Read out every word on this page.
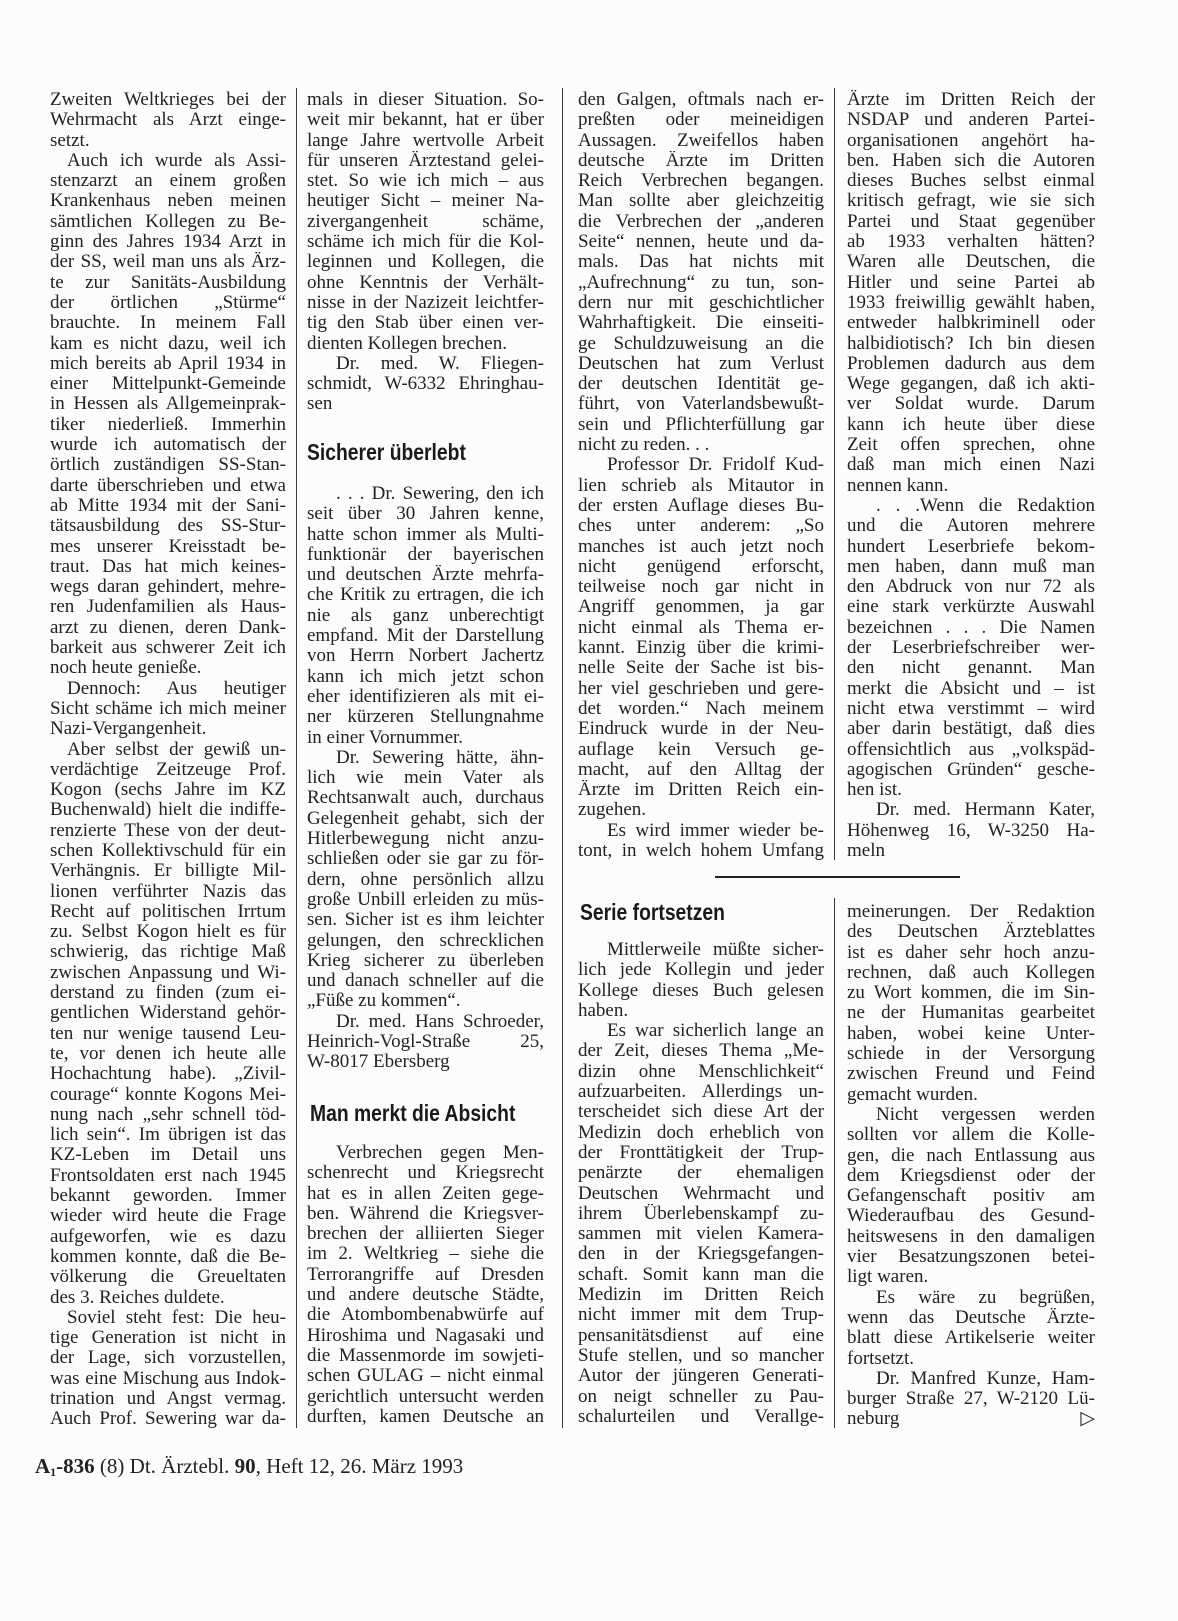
Zweiten Weltkrieges bei der
Wehrmacht als Arzt einge-
setzt.
Auch ich wurde als Assi-
stenzarzt an einem großen
Krankenhaus neben meinen
sämtlichen Kollegen zu Be-
ginn des Jahres 1934 Arzt in
der SS, weil man uns als Ärz-
te zur Sanitäts-Ausbildung
der örtlichen „Stürme“
brauchte. In meinem Fall
kam es nicht dazu, weil ich
mich bereits ab April 1934 in
einer Mittelpunkt-Gemeinde
in Hessen als Allgemeinprak-
tiker niederließ. Immerhin
wurde ich automatisch der
örtlich zuständigen SS-Stan-
darte überschrieben und etwa
ab Mitte 1934 mit der Sani-
tätsausbildung des SS-Stur-
mes unserer Kreisstadt be-
traut. Das hat mich keines-
wegs daran gehindert, mehre-
ren Judenfamilien als Haus-
arzt zu dienen, deren Dank-
barkeit aus schwerer Zeit ich
noch heute genieße.
Dennoch: Aus heutiger
Sicht schäme ich mich meiner
Nazi-Vergangenheit.
Aber selbst der gewiß un-
verdächtige Zeitzeuge Prof.
Kogon (sechs Jahre im KZ
Buchenwald) hielt die indiffe-
renzierte These von der deut-
schen Kollektivschuld für ein
Verhängnis. Er billigte Mil-
lionen verführter Nazis das
Recht auf politischen Irrtum
zu. Selbst Kogon hielt es für
schwierig, das richtige Maß
zwischen Anpassung und Wi-
derstand zu finden (zum ei-
gentlichen Widerstand gehör-
ten nur wenige tausend Leu-
te, vor denen ich heute alle
Hochachtung habe). „Zivil-
courage“ konnte Kogons Mei-
nung nach „sehr schnell töd-
lich sein“. Im übrigen ist das
KZ-Leben im Detail uns
Frontsoldaten erst nach 1945
bekannt geworden. Immer
wieder wird heute die Frage
aufgeworfen, wie es dazu
kommen konnte, daß die Be-
völkerung die Greueltaten
des 3. Reiches duldete.
Soviel steht fest: Die heu-
tige Generation ist nicht in
der Lage, sich vorzustellen,
was eine Mischung aus Indok-
trination und Angst vermag.
Auch Prof. Sewering war da-
mals in dieser Situation. So-
weit mir bekannt, hat er über
lange Jahre wertvolle Arbeit
für unseren Ärztestand gelei-
stet. So wie ich mich – aus
heutiger Sicht – meiner Na-
zivergangenheit schäme,
schäme ich mich für die Kol-
leginnen und Kollegen, die
ohne Kenntnis der Verhält-
nisse in der Nazizeit leichtfer-
tig den Stab über einen ver-
dienten Kollegen brechen.
Dr. med. W. Fliegen-
schmidt, W-6332 Ehringhau-
sen
Sicherer überlebt
. . . Dr. Sewering, den ich
seit über 30 Jahren kenne,
hatte schon immer als Multi-
funktionär der bayerischen
und deutschen Ärzte mehrfa-
che Kritik zu ertragen, die ich
nie als ganz unberechtigt
empfand. Mit der Darstellung
von Herrn Norbert Jachertz
kann ich mich jetzt schon
eher identifizieren als mit ei-
ner kürzeren Stellungnahme
in einer Vornummer.
Dr. Sewering hätte, ähn-
lich wie mein Vater als
Rechtsanwalt auch, durchaus
Gelegenheit gehabt, sich der
Hitlerbewegung nicht anzu-
schließen oder sie gar zu för-
dern, ohne persönlich allzu
große Unbill erleiden zu müs-
sen. Sicher ist es ihm leichter
gelungen, den schrecklichen
Krieg sicherer zu überleben
und danach schneller auf die
„Füße zu kommen“.
Dr. med. Hans Schroeder,
Heinrich-Vogl-Straße 25,
W-8017 Ebersberg
Man merkt die Absicht
Verbrechen gegen Men-
schenrecht und Kriegsrecht
hat es in allen Zeiten gege-
ben. Während die Kriegsver-
brechen der alliierten Sieger
im 2. Weltkrieg – siehe die
Terrorangriffe auf Dresden
und andere deutsche Städte,
die Atombombenabwürfe auf
Hiroshima und Nagasaki und
die Massenmorde im sowjeti-
schen GULAG – nicht einmal
gerichtlich untersucht werden
durften, kamen Deutsche an
den Galgen, oftmals nach er-
preßten oder meineidigen
Aussagen. Zweifellos haben
deutsche Ärzte im Dritten
Reich Verbrechen begangen.
Man sollte aber gleichzeitig
die Verbrechen der „anderen
Seite“ nennen, heute und da-
mals. Das hat nichts mit
„Aufrechnung“ zu tun, son-
dern nur mit geschichtlicher
Wahrhaftigkeit. Die einseiti-
ge Schuldzuweisung an die
Deutschen hat zum Verlust
der deutschen Identität ge-
führt, von Vaterlandsbewußt-
sein und Pflichterfüllung gar
nicht zu reden. . .
Professor Dr. Fridolf Kud-
lien schrieb als Mitautor in
der ersten Auflage dieses Bu-
ches unter anderem: „So
manches ist auch jetzt noch
nicht genügend erforscht,
teilweise noch gar nicht in
Angriff genommen, ja gar
nicht einmal als Thema er-
kannt. Einzig über die krimi-
nelle Seite der Sache ist bis-
her viel geschrieben und gere-
det worden.“ Nach meinem
Eindruck wurde in der Neu-
auflage kein Versuch ge-
macht, auf den Alltag der
Ärzte im Dritten Reich ein-
zugehen.
Es wird immer wieder be-
tont, in welch hohem Umfang
Serie fortsetzen
Mittlerweile müßte sicher-
lich jede Kollegin und jeder
Kollege dieses Buch gelesen
haben.
Es war sicherlich lange an
der Zeit, dieses Thema „Me-
dizin ohne Menschlichkeit“
aufzuarbeiten. Allerdings un-
terscheidet sich diese Art der
Medizin doch erheblich von
der Fronttätigkeit der Trup-
penärzte der ehemaligen
Deutschen Wehrmacht und
ihrem Überlebenskampf zu-
sammen mit vielen Kamera-
den in der Kriegsgefangen-
schaft. Somit kann man die
Medizin im Dritten Reich
nicht immer mit dem Trup-
pensanitätsdienst auf eine
Stufe stellen, und so mancher
Autor der jüngeren Generati-
on neigt schneller zu Pau-
schalurteilen und Verallge-
Ärzte im Dritten Reich der
NSDAP und anderen Partei-
organisationen angehört ha-
ben. Haben sich die Autoren
dieses Buches selbst einmal
kritisch gefragt, wie sie sich
Partei und Staat gegenüber
ab 1933 verhalten hätten?
Waren alle Deutschen, die
Hitler und seine Partei ab
1933 freiwillig gewählt haben,
entweder halbkriminell oder
halbidiotisch? Ich bin diesen
Problemen dadurch aus dem
Wege gegangen, daß ich akti-
ver Soldat wurde. Darum
kann ich heute über diese
Zeit offen sprechen, ohne
daß man mich einen Nazi
nennen kann.
. . .Wenn die Redaktion
und die Autoren mehrere
hundert Leserbriefe bekom-
men haben, dann muß man
den Abdruck von nur 72 als
eine stark verkürzte Auswahl
bezeichnen . . . Die Namen
der Leserbriefschreiber wer-
den nicht genannt. Man
merkt die Absicht und – ist
nicht etwa verstimmt – wird
aber darin bestätigt, daß dies
offensichtlich aus „volkspäd-
agogischen Gründen“ gesche-
hen ist.
Dr. med. Hermann Kater,
Höhenweg 16, W-3250 Ha-
meln
meinerungen. Der Redaktion
des Deutschen Ärzteblattes
ist es daher sehr hoch anzu-
rechnen, daß auch Kollegen
zu Wort kommen, die im Sin-
ne der Humanitas gearbeitet
haben, wobei keine Unter-
schiede in der Versorgung
zwischen Freund und Feind
gemacht wurden.
Nicht vergessen werden
sollten vor allem die Kolle-
gen, die nach Entlassung aus
dem Kriegsdienst oder der
Gefangenschaft positiv am
Wiederaufbau des Gesund-
heitswesens in den damaligen
vier Besatzungszonen betei-
ligt waren.
Es wäre zu begrüßen,
wenn das Deutsche Ärzte-
blatt diese Artikelserie weiter
fortsetzt.
Dr. Manfred Kunze, Ham-
burger Straße 27, W-2120 Lü-
neburg ▷
$A_1-836$ (8) Dt. Ärztebl. 90, Heft 12, 26. März 1993
